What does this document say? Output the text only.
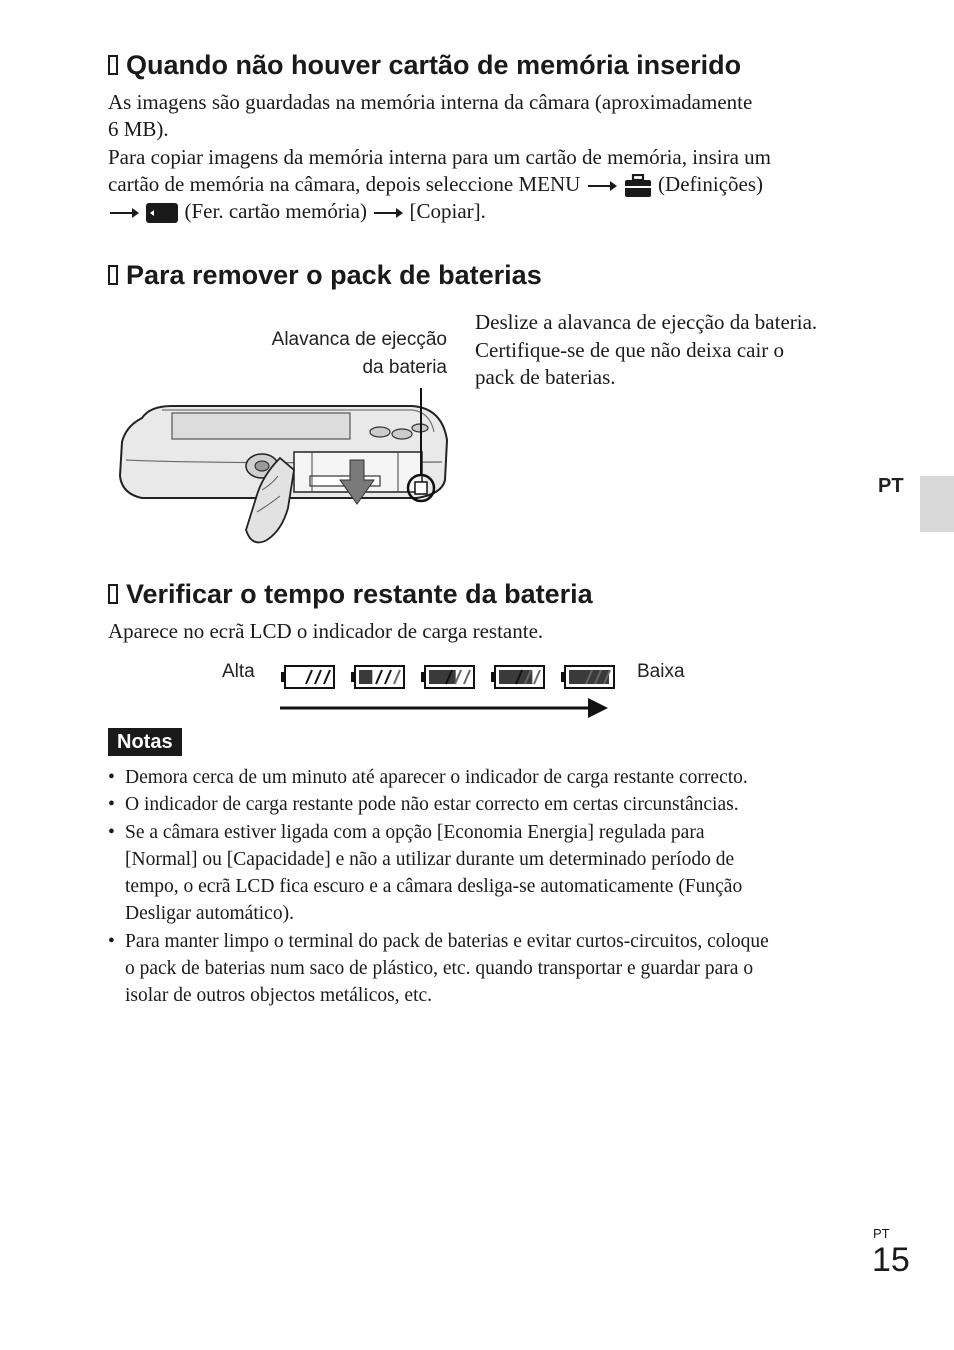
Quando não houver cartão de memória inserido
As imagens são guardadas na memória interna da câmara (aproximadamente
6 MB).
Para copiar imagens da memória interna para um cartão de memória, insira um
cartão de memória na câmara, depois seleccione MENU	(Definições)
(Fer. cartão memória) [Copiar].
Para remover o pack de baterias
Alavanca de ejecção
da bateria
Deslize a alavanca de ejecção da bateria.
Certifique-se de que não deixa cair o
pack de baterias.
Verificar o tempo restante da bateria
Aparece no ecrã LCD o indicador de carga restante.
Alta	Baixa
Notas
• Demora cerca de um minuto até aparecer o indicador de carga restante correcto.
• O indicador de carga restante pode não estar correcto em certas circunstâncias.
• Se a câmara estiver ligada com a opção [Economia Energia] regulada para
[Normal] ou [Capacidade] e não a utilizar durante um determinado período de
tempo, o ecrã LCD fica escuro e a câmara desliga-se automaticamente (Função
Desligar automático).
• Para manter limpo o terminal do pack de baterias e evitar curtos-circuitos, coloque
o pack de baterias num saco de plástico, etc. quando transportar e guardar para o
isolar de outros objectos metálicos, etc.
PT
PT
15
